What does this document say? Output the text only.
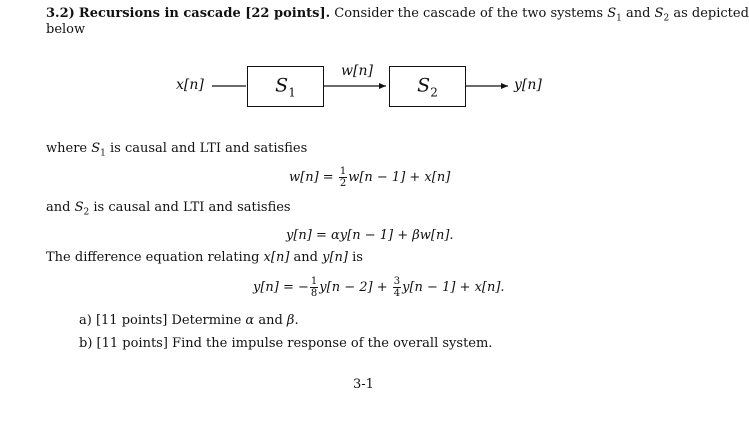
3.2) Recursions in cascade [22 points]. Consider the cascade of the two systems $S_1$ and $S_2$ as depicted
below
x[n]	$S_1$
w[n]
$S_2$	y[n]
where $S_1$ is causal and LTI and satisfies
$w[n] = \frac{1}{2} w[n - 1] + x[n]$
and $S_2$ is causal and LTI and satisfies
y[n] = αy[n − 1] + βw[n].
The difference equation relating x[n] and y[n] is
y[n] = − $\frac{1}{8} y[n - 2] + \frac{3}{4} y[n - 1] + x[n]$.
a) [11 points] Determine α and β.
b) [11 points] Find the impulse response of the overall system.
3-1
